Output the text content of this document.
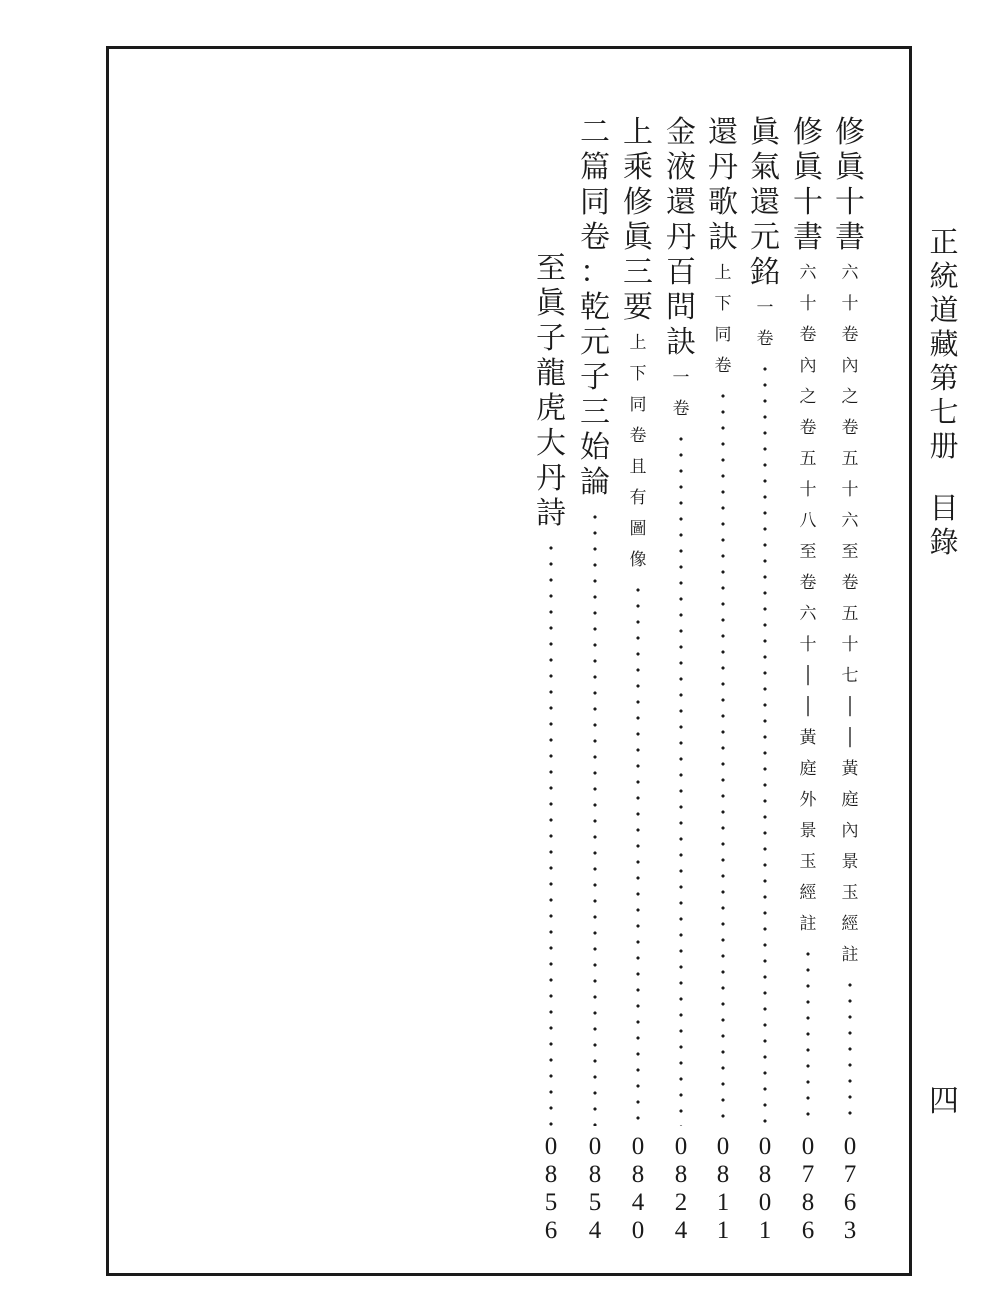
正
統
道
藏
第
七
册
目
錄
四
修
眞
十
書
六
十
卷
內
之
卷
五
十
六
至
卷
五
十
七
│
│
黃
庭
內
景
玉
經
註
0
7
6
3
修
眞
十
書
六
十
卷
內
之
卷
五
十
八
至
卷
六
十
│
│
黃
庭
外
景
玉
經
註
0
7
8
6
眞
氣
還
元
銘
一
卷
0
8
0
1
還
丹
歌
訣
上
下
同
卷
0
8
1
1
金
液
還
丹
百
問
訣
一
卷
0
8
2
4
上
乘
修
眞
三
要
上
下
同
卷
且
有
圖
像
0
8
4
0
二
篇
同
卷
：
乾
元
子
三
始
論
0
8
5
4
至
眞
子
龍
虎
大
丹
詩
0
8
5
6
